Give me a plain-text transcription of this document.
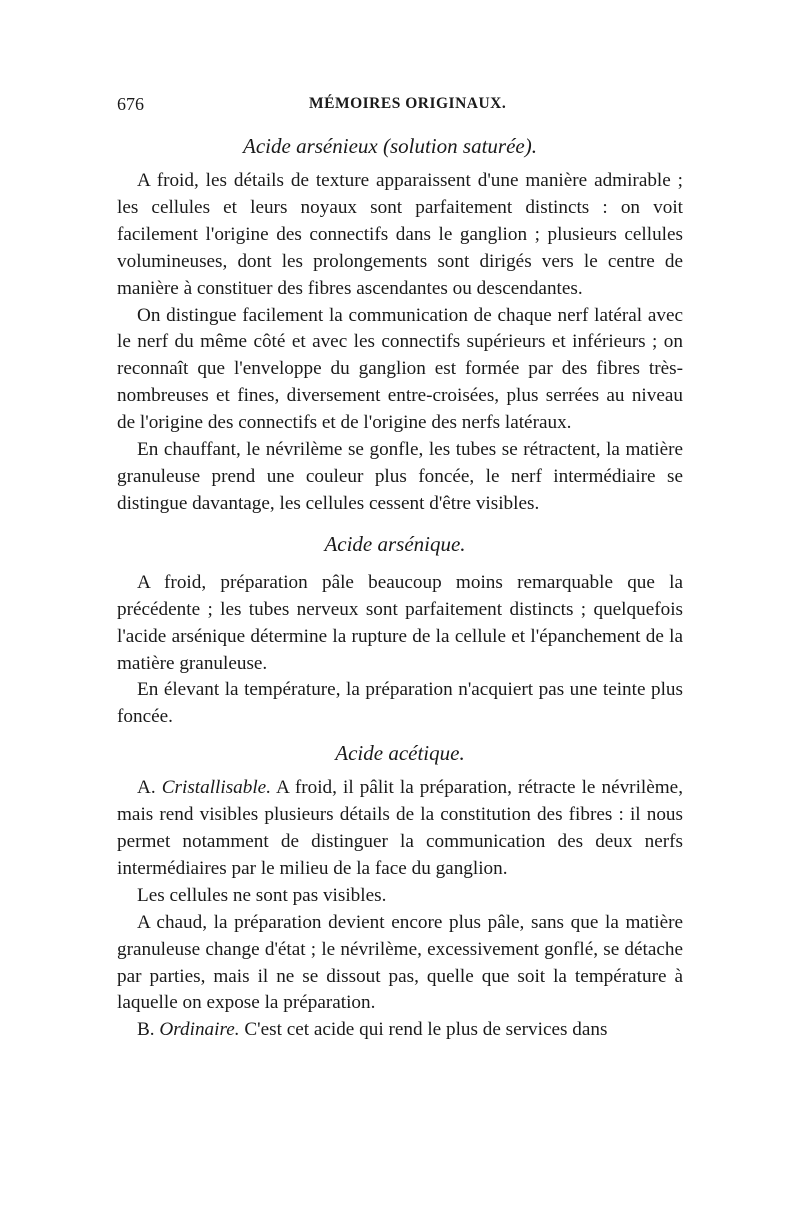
676	MÉMOIRES ORIGINAUX.
Acide arsénieux (solution saturée).

A froid, les détails de texture apparaissent d'une manière admirable ; les cellules et leurs noyaux sont parfaitement distincts : on voit facilement l'origine des connectifs dans le ganglion ; plusieurs cellules volumineuses, dont les prolongements sont dirigés vers le centre de manière à constituer des fibres ascendantes ou descendantes.

On distingue facilement la communication de chaque nerf latéral avec le nerf du même côté et avec les connectifs supérieurs et inférieurs ; on reconnaît que l'enveloppe du ganglion est formée par des fibres très-nombreuses et fines, diversement entre-croisées, plus serrées au niveau de l'origine des connectifs et de l'origine des nerfs latéraux.

En chauffant, le névrilème se gonfle, les tubes se rétractent, la matière granuleuse prend une couleur plus foncée, le nerf intermédiaire se distingue davantage, les cellules cessent d'être visibles.

Acide arsénique.

A froid, préparation pâle beaucoup moins remarquable que la précédente ; les tubes nerveux sont parfaitement distincts ; quelquefois l'acide arsénique détermine la rupture de la cellule et l'épanchement de la matière granuleuse.

En élevant la température, la préparation n'acquiert pas une teinte plus foncée.

Acide acétique.

A. Cristallisable. A froid, il pâlit la préparation, rétracte le névrilème, mais rend visibles plusieurs détails de la constitution des fibres : il nous permet notamment de distinguer la communication des deux nerfs intermédiaires par le milieu de la face du ganglion.

Les cellules ne sont pas visibles.

A chaud, la préparation devient encore plus pâle, sans que la matière granuleuse change d'état ; le névrilème, excessivement gonflé, se détache par parties, mais il ne se dissout pas, quelle que soit la température à laquelle on expose la préparation.

B. Ordinaire. C'est cet acide qui rend le plus de services dans
